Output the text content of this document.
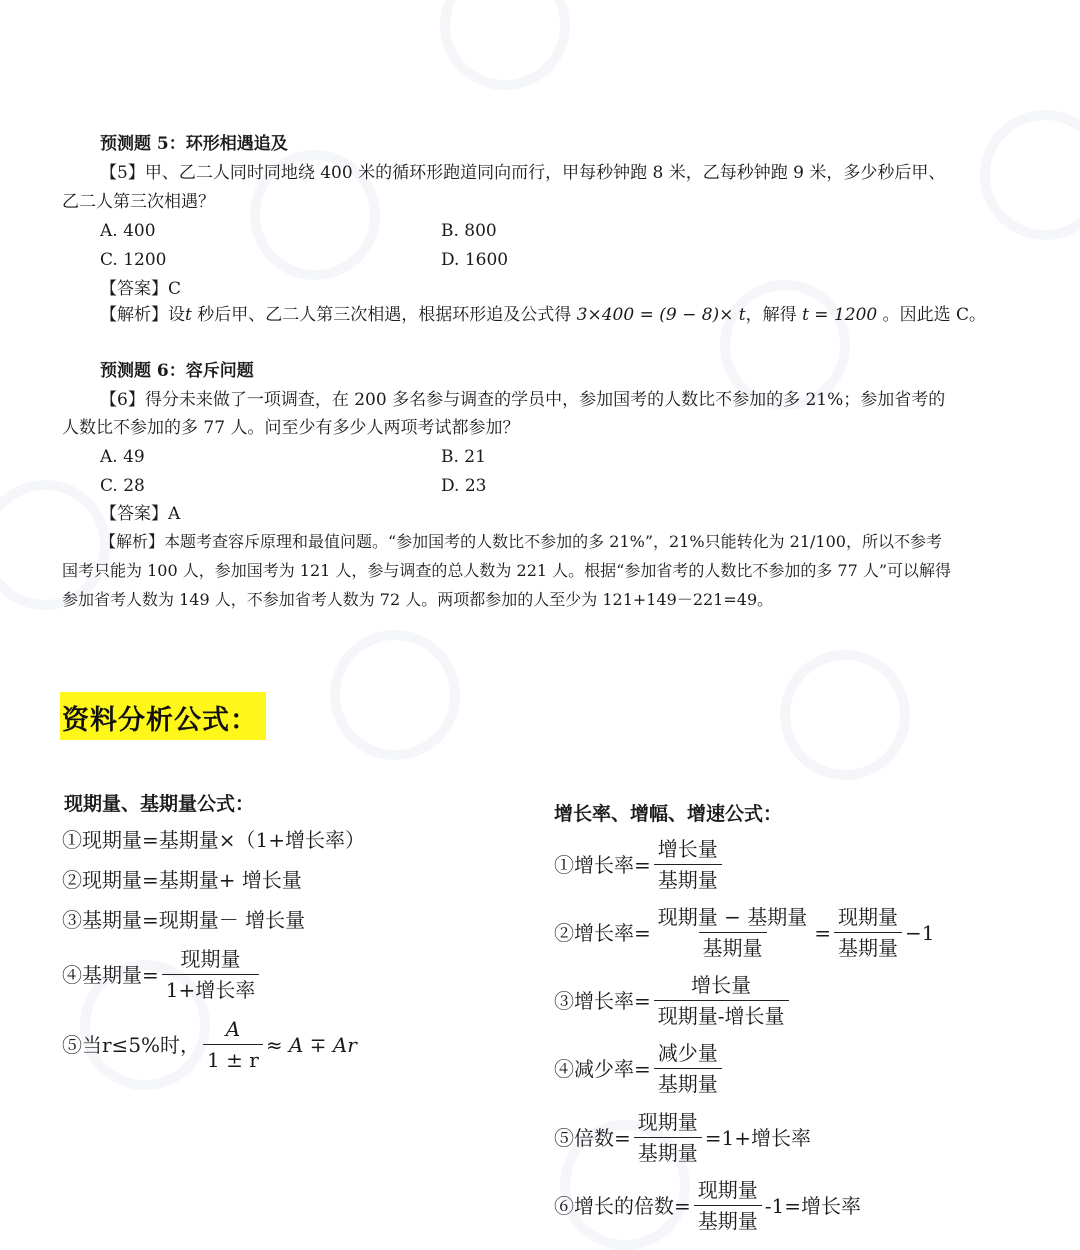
预测题 5：环形相遇追及
【5】甲、乙二人同时同地绕 400 米的循环形跑道同向而行，甲每秒钟跑 8 米，乙每秒钟跑 9 米，多少秒后甲、
乙二人第三次相遇？
A. 400	B. 800
C. 1200	D. 1600
【答案】C
【解析】设t 秒后甲、乙二人第三次相遇，根据环形追及公式得 3×400 = (9 − 8)× t，解得 t = 1200 。因此选 C。
预测题 6：容斥问题
【6】得分未来做了一项调查，在 200 多名参与调查的学员中，参加国考的人数比不参加的多 21%；参加省考的
人数比不参加的多 77 人。问至少有多少人两项考试都参加？
A. 49	B. 21
C. 28	D. 23
【答案】A
【解析】本题考查容斥原理和最值问题。“参加国考的人数比不参加的多 21%”，21%只能转化为 21/100，所以不参考
国考只能为 100 人，参加国考为 121 人，参与调查的总人数为 221 人。根据“参加省考的人数比不参加的多 77 人”可以解得
参加省考人数为 149 人，不参加省考人数为 72 人。两项都参加的人至少为 121+149－221=49。
资料分析公式：
现期量、基期量公式：
①现期量=基期量×（1+增长率）
②现期量=基期量+ 增长量
③基期量=现期量－ 增长量
④基期量= $\frac{\text{现期量}}{\text{1+增长率}}$
⑤当r≤5%时， $\frac{A}{1 \pm r} \approx A \mp Ar$
增长率、增幅、增速公式：
①增长率= $\frac{\text{增长量}}{\text{基期量}}$
②增长率= $\frac{\text{现期量 − 基期量}}{\text{基期量}} = \frac{\text{现期量}}{\text{基期量}} -1$
③增长率= $\frac{\text{增长量}}{\text{现期量-增长量}}$
④减少率= $\frac{\text{减少量}}{\text{基期量}}$
⑤倍数= $\frac{\text{现期量}}{\text{基期量}} =1+$增长率
⑥增长的倍数= $\frac{\text{现期量}}{\text{基期量}} -1=$增长率
